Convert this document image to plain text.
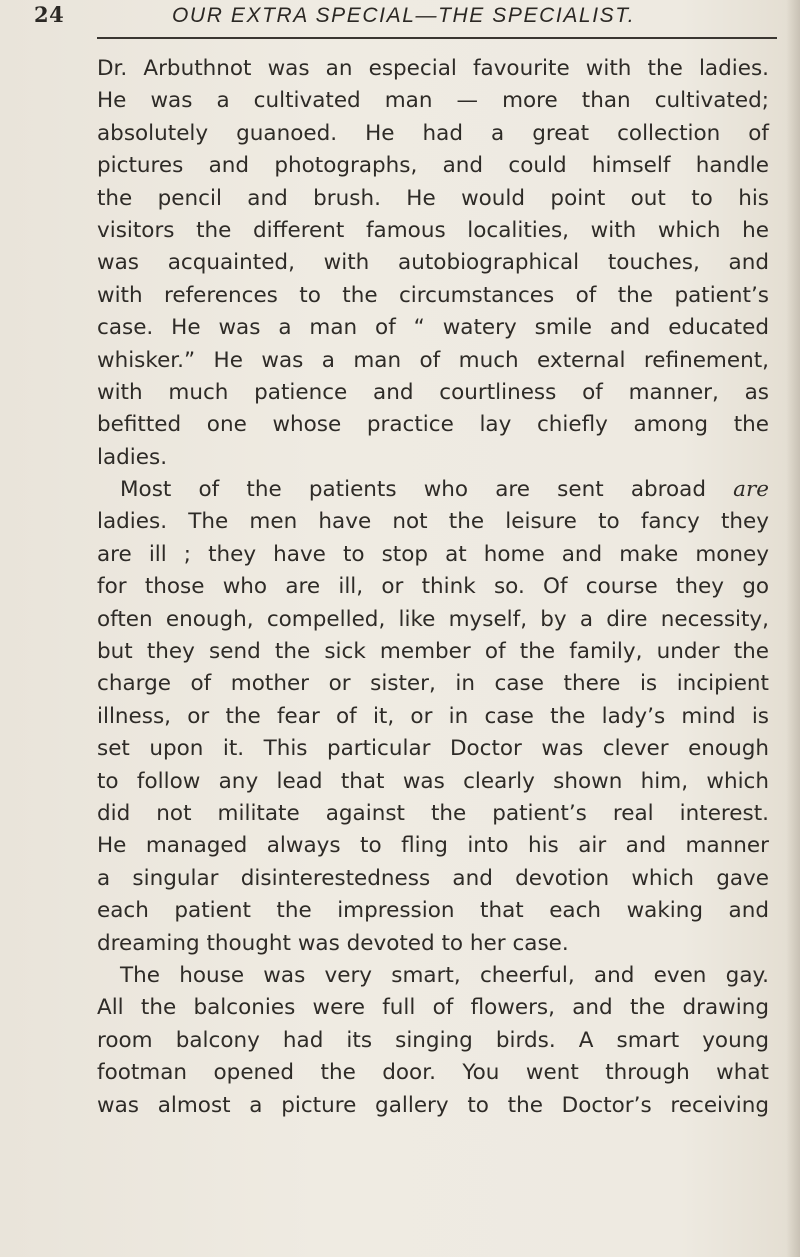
24	OUR EXTRA SPECIAL—THE SPECIALIST.
Dr. Arbuthnot was an especial favourite with the ladies.
He was a cultivated man — more than cultivated;
absolutely guanoed. He had a great collection of
pictures and photographs, and could himself handle
the pencil and brush. He would point out to his
visitors the different famous localities, with which he
was acquainted, with autobiographical touches, and
with references to the circumstances of the patient’s
case. He was a man of “ watery smile and educated
whisker.” He was a man of much external refinement,
with much patience and courtliness of manner, as
befitted one whose practice lay chiefly among the
ladies.
Most of the patients who are sent abroad are
ladies. The men have not the leisure to fancy they
are ill ; they have to stop at home and make money
for those who are ill, or think so. Of course they go
often enough, compelled, like myself, by a dire necessity,
but they send the sick member of the family, under the
charge of mother or sister, in case there is incipient
illness, or the fear of it, or in case the lady’s mind is
set upon it. This particular Doctor was clever enough
to follow any lead that was clearly shown him, which
did not militate against the patient’s real interest.
He managed always to fling into his air and manner
a singular disinterestedness and devotion which gave
each patient the impression that each waking and
dreaming thought was devoted to her case.
The house was very smart, cheerful, and even gay.
All the balconies were full of flowers, and the drawing
room balcony had its singing birds. A smart young
footman opened the door. You went through what
was almost a picture gallery to the Doctor’s receiving
